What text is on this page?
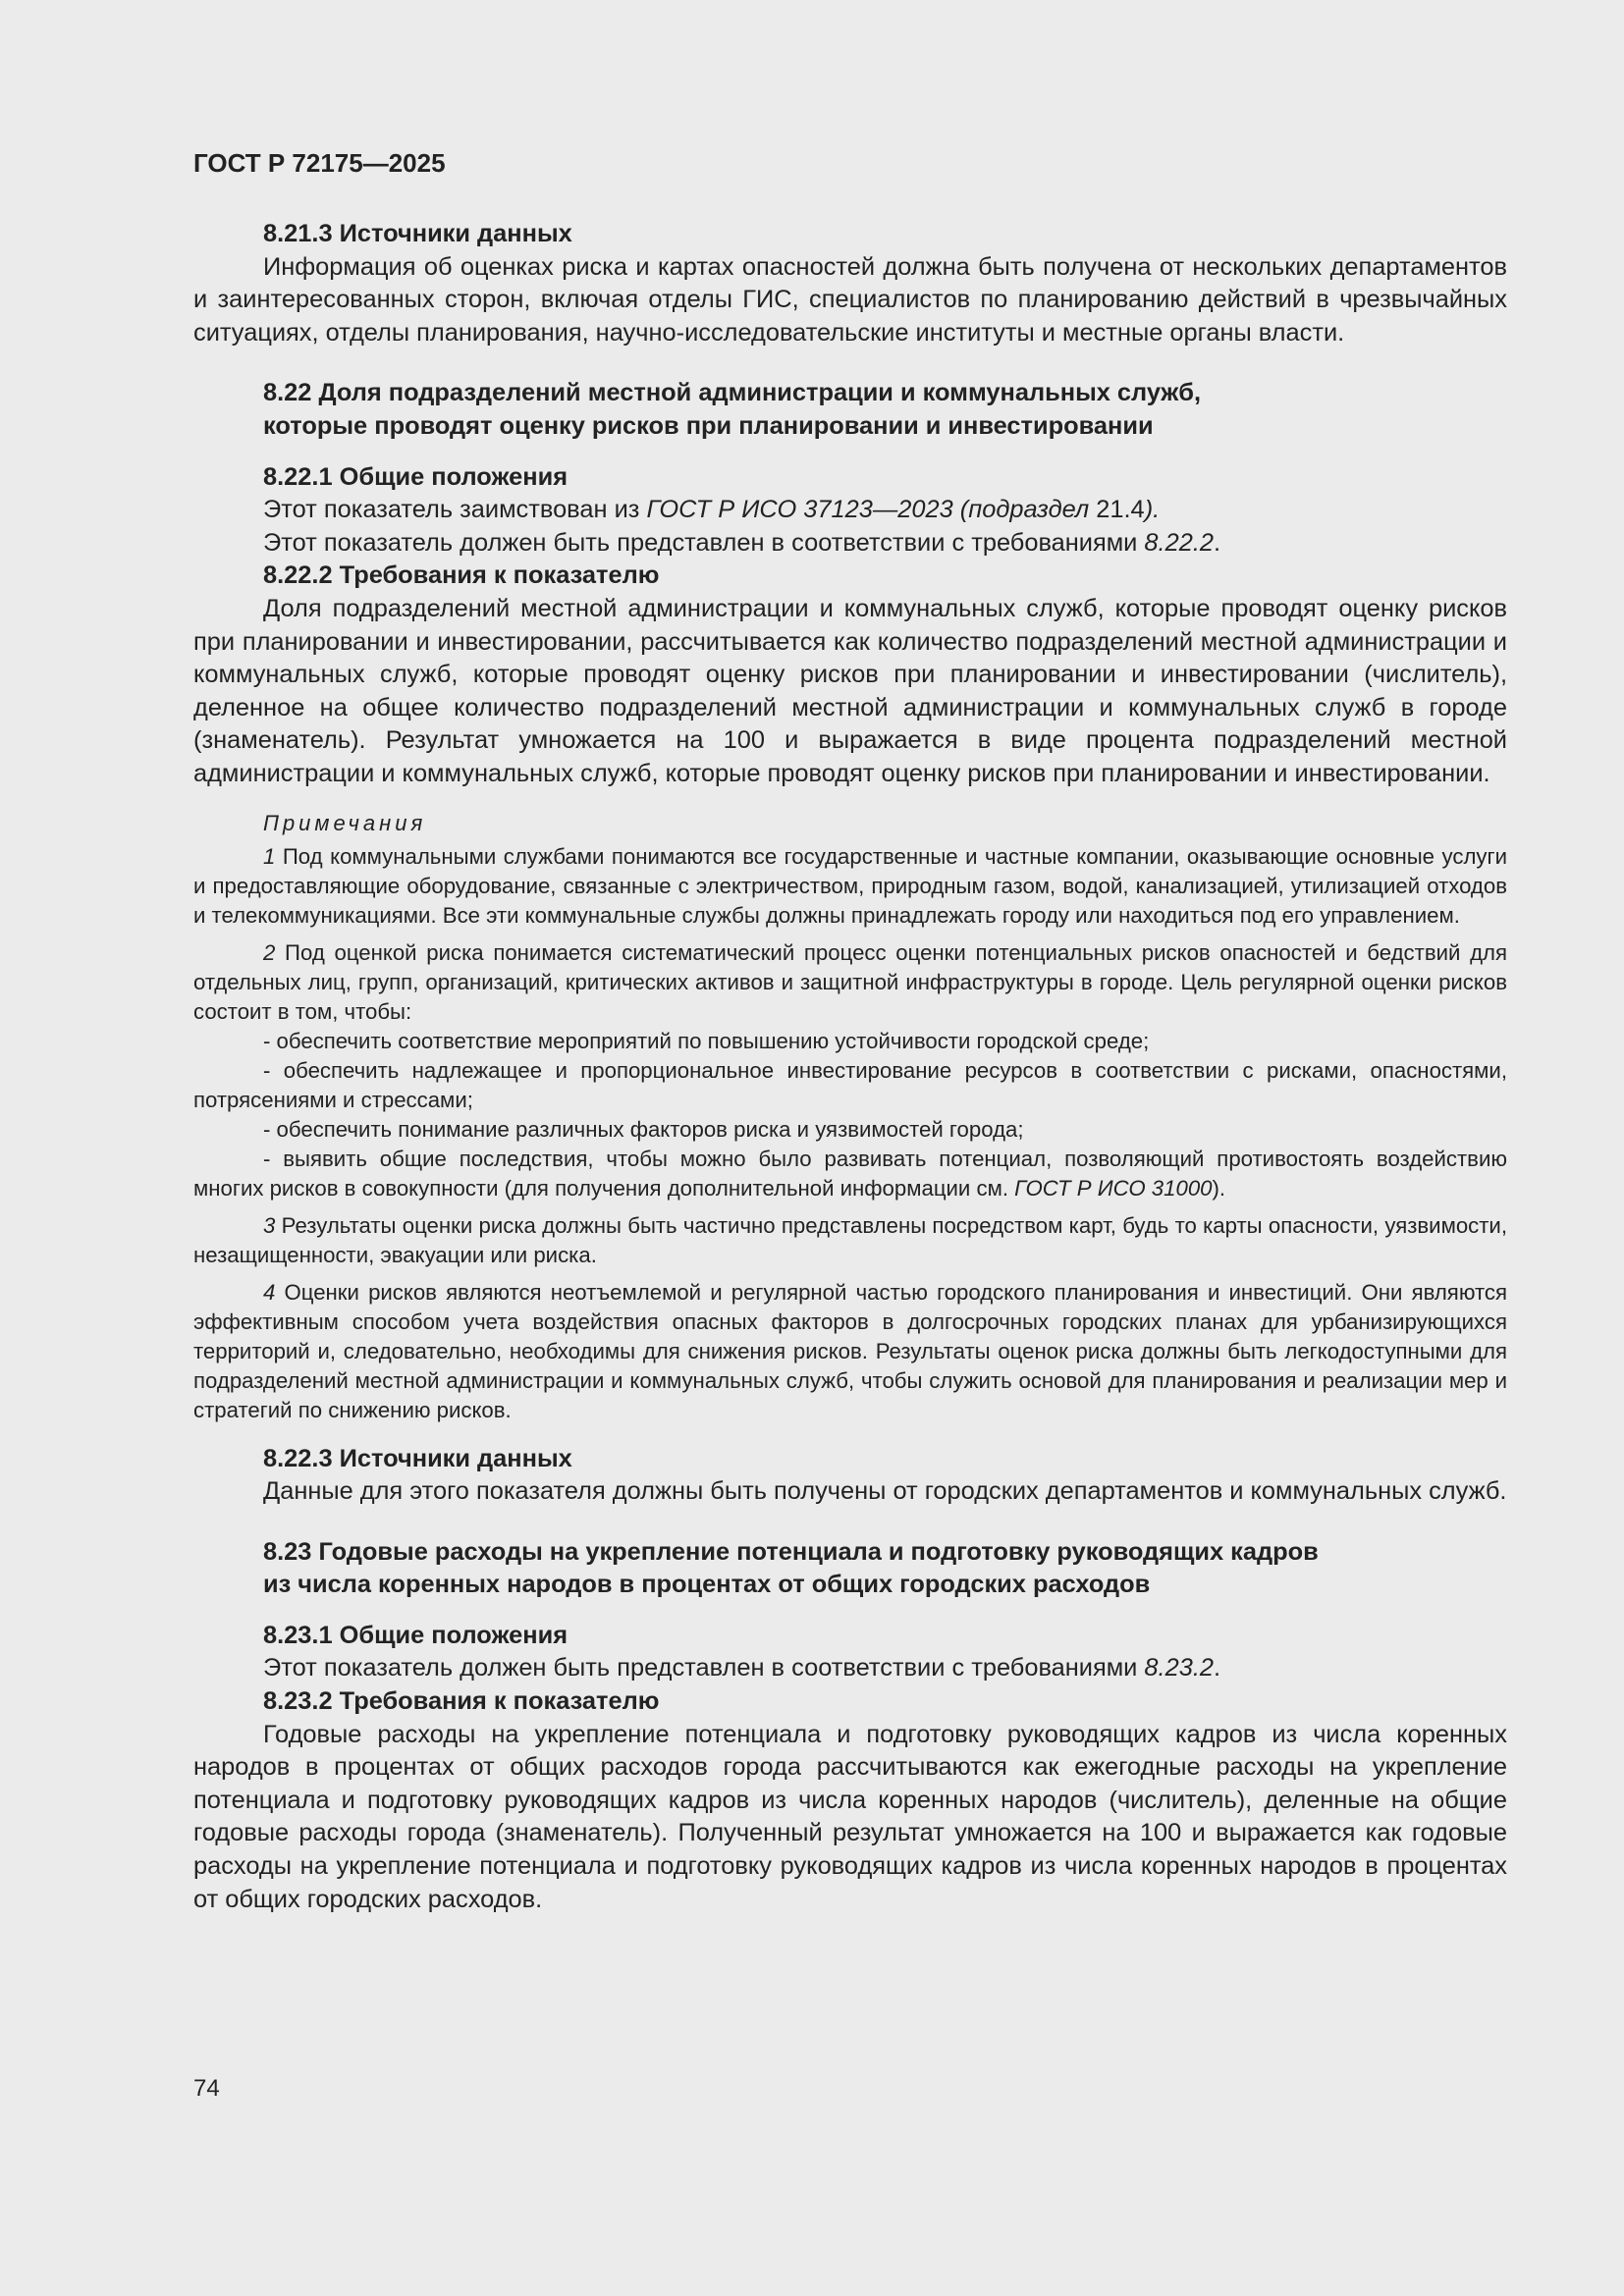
ГОСТ Р 72175—2025
8.21.3 Источники данных

Информация об оценках риска и картах опасностей должна быть получена от нескольких департаментов и заинтересованных сторон, включая отделы ГИС, специалистов по планированию действий в чрезвычайных ситуациях, отделы планирования, научно-исследовательские институты и местные органы власти.

8.22 Доля подразделений местной администрации и коммунальных служб,
которые проводят оценку рисков при планировании и инвестировании
8.22.1 Общие положения

Этот показатель заимствован из ГОСТ Р ИСО 37123—2023 (подраздел 21.4).

Этот показатель должен быть представлен в соответствии с требованиями 8.22.2.

8.22.2 Требования к показателю

Доля подразделений местной администрации и коммунальных служб, которые проводят оценку рисков при планировании и инвестировании, рассчитывается как количество подразделений местной администрации и коммунальных служб, которые проводят оценку рисков при планировании и инвестировании (числитель), деленное на общее количество подразделений местной администрации и коммунальных служб в городе (знаменатель). Результат умножается на 100 и выражается в виде процента подразделений местной администрации и коммунальных служб, которые проводят оценку рисков при планировании и инвестировании.

Примечания

1 Под коммунальными службами понимаются все государственные и частные компании, оказывающие основные услуги и предоставляющие оборудование, связанные с электричеством, природным газом, водой, канализацией, утилизацией отходов и телекоммуникациями. Все эти коммунальные службы должны принадлежать городу или находиться под его управлением.

2 Под оценкой риска понимается систематический процесс оценки потенциальных рисков опасностей и бедствий для отдельных лиц, групп, организаций, критических активов и защитной инфраструктуры в городе. Цель регулярной оценки рисков состоит в том, чтобы:

- обеспечить соответствие мероприятий по повышению устойчивости городской среде;

- обеспечить надлежащее и пропорциональное инвестирование ресурсов в соответствии с рисками, опасностями, потрясениями и стрессами;

- обеспечить понимание различных факторов риска и уязвимостей города;

- выявить общие последствия, чтобы можно было развивать потенциал, позволяющий противостоять воздействию многих рисков в совокупности (для получения дополнительной информации см. ГОСТ Р ИСО 31000).

3 Результаты оценки риска должны быть частично представлены посредством карт, будь то карты опасности, уязвимости, незащищенности, эвакуации или риска.

4 Оценки рисков являются неотъемлемой и регулярной частью городского планирования и инвестиций. Они являются эффективным способом учета воздействия опасных факторов в долгосрочных городских планах для урбанизирующихся территорий и, следовательно, необходимы для снижения рисков. Результаты оценок риска должны быть легкодоступными для подразделений местной администрации и коммунальных служб, чтобы служить основой для планирования и реализации мер и стратегий по снижению рисков.

8.22.3 Источники данных

Данные для этого показателя должны быть получены от городских департаментов и коммунальных служб.

8.23 Годовые расходы на укрепление потенциала и подготовку руководящих кадров
из числа коренных народов в процентах от общих городских расходов
8.23.1 Общие положения

Этот показатель должен быть представлен в соответствии с требованиями 8.23.2.

8.23.2 Требования к показателю

Годовые расходы на укрепление потенциала и подготовку руководящих кадров из числа коренных народов в процентах от общих расходов города рассчитываются как ежегодные расходы на укрепление потенциала и подготовку руководящих кадров из числа коренных народов (числитель), деленные на общие годовые расходы города (знаменатель). Полученный результат умножается на 100 и выражается как годовые расходы на укрепление потенциала и подготовку руководящих кадров из числа коренных народов в процентах от общих городских расходов.

74
